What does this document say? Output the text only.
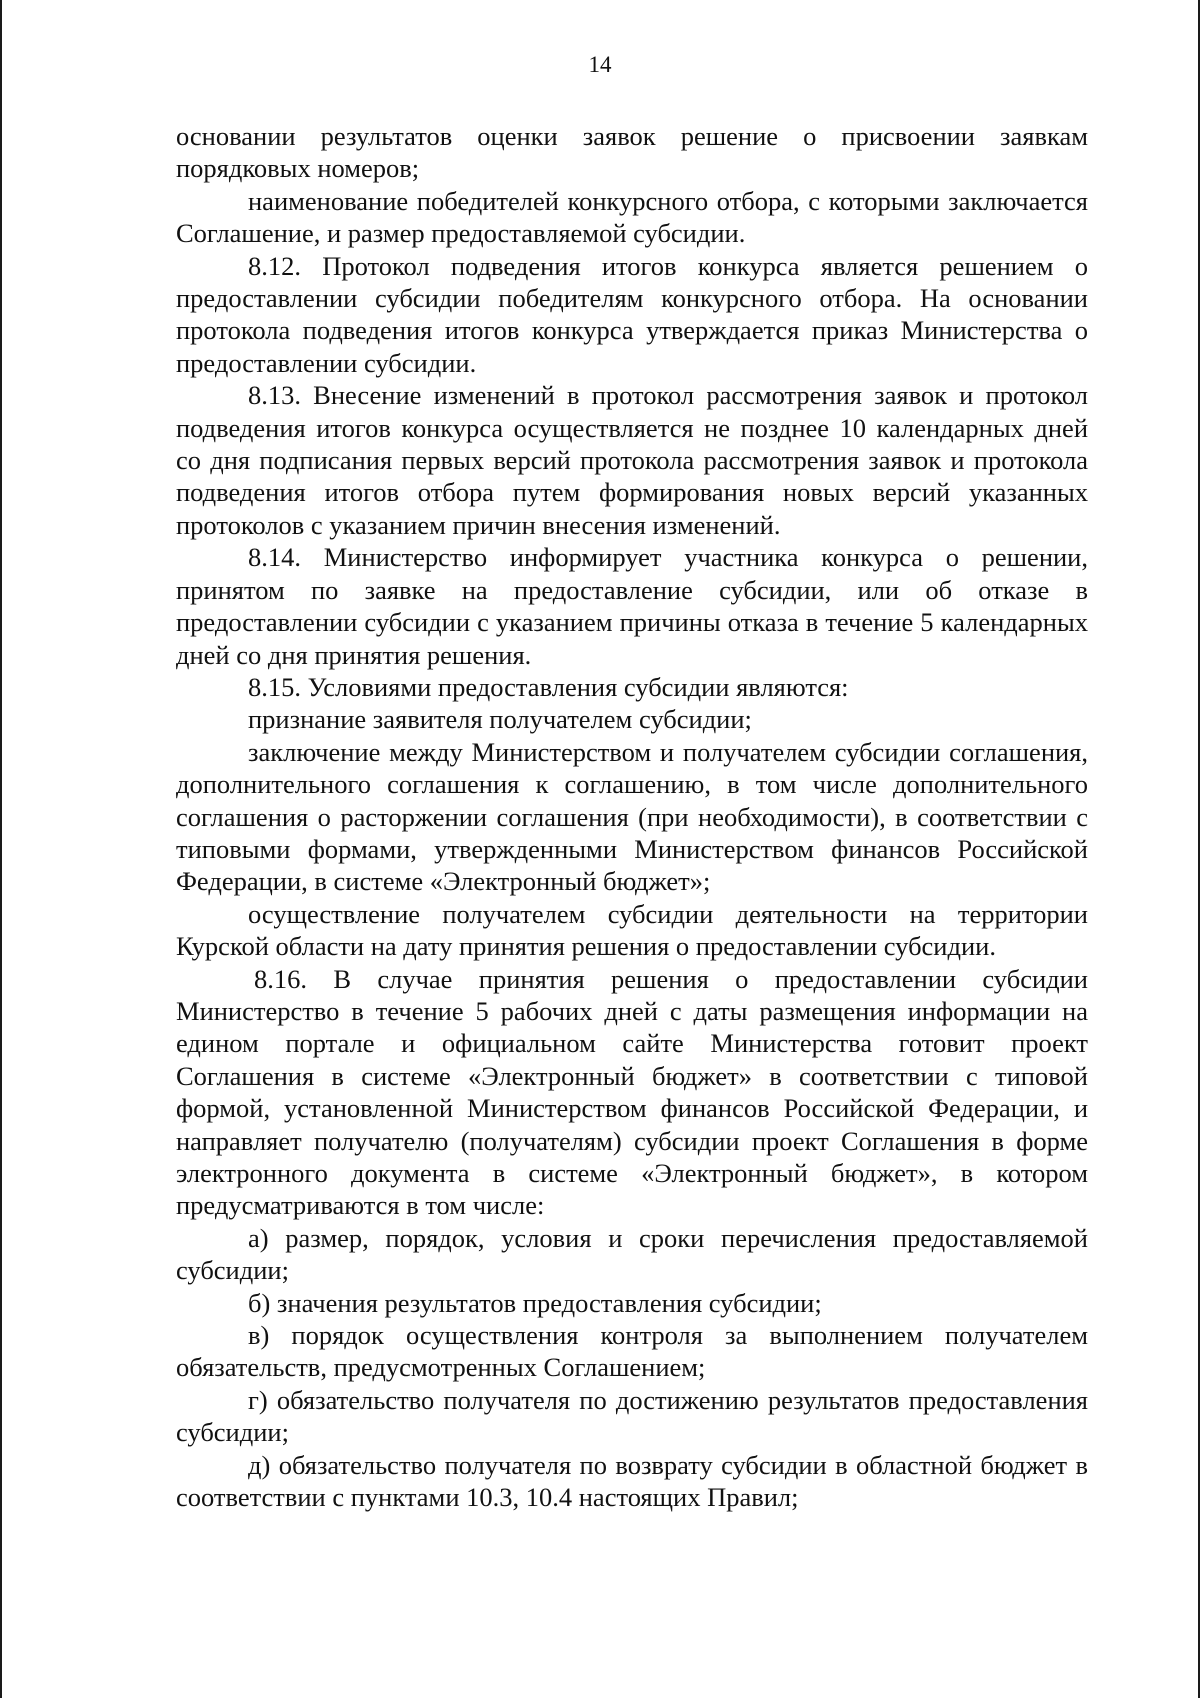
14

основании результатов оценки заявок решение о присвоении заявкам порядковых номеров;

наименование победителей конкурсного отбора, с которыми заключается Соглашение, и размер предоставляемой субсидии.

8.12. Протокол подведения итогов конкурса является решением о предоставлении субсидии победителям конкурсного отбора. На основании протокола подведения итогов конкурса утверждается приказ Министерства о предоставлении субсидии.

8.13. Внесение изменений в протокол рассмотрения заявок и протокол подведения итогов конкурса осуществляется не позднее 10 календарных дней со дня подписания первых версий протокола рассмотрения заявок и протокола подведения итогов отбора путем формирования новых версий указанных протоколов с указанием причин внесения изменений.

8.14. Министерство информирует участника конкурса о решении, принятом по заявке на предоставление субсидии, или об отказе в предоставлении субсидии с указанием причины отказа в течение 5 календарных дней со дня принятия решения.

8.15. Условиями предоставления субсидии являются:

признание заявителя получателем субсидии;

заключение между Министерством и получателем субсидии соглашения, дополнительного соглашения к соглашению, в том числе дополнительного соглашения о расторжении соглашения (при необходимости), в соответствии с типовыми формами, утвержденными Министерством финансов Российской Федерации, в системе «Электронный бюджет»;

осуществление получателем субсидии деятельности на территории Курской области на дату принятия решения о предоставлении субсидии.

8.16. В случае принятия решения о предоставлении субсидии Министерство в течение 5 рабочих дней с даты размещения информации на едином портале и официальном сайте Министерства готовит проект Соглашения в системе «Электронный бюджет» в соответствии с типовой формой, установленной Министерством финансов Российской Федерации, и направляет получателю (получателям) субсидии проект Соглашения в форме электронного документа в системе «Электронный бюджет», в котором предусматриваются в том числе:

а) размер, порядок, условия и сроки перечисления предоставляемой субсидии;

б) значения результатов предоставления субсидии;

в) порядок осуществления контроля за выполнением получателем обязательств, предусмотренных Соглашением;

г) обязательство получателя по достижению результатов предоставления субсидии;

д) обязательство получателя по возврату субсидии в областной бюджет в соответствии с пунктами 10.3, 10.4 настоящих Правил;
